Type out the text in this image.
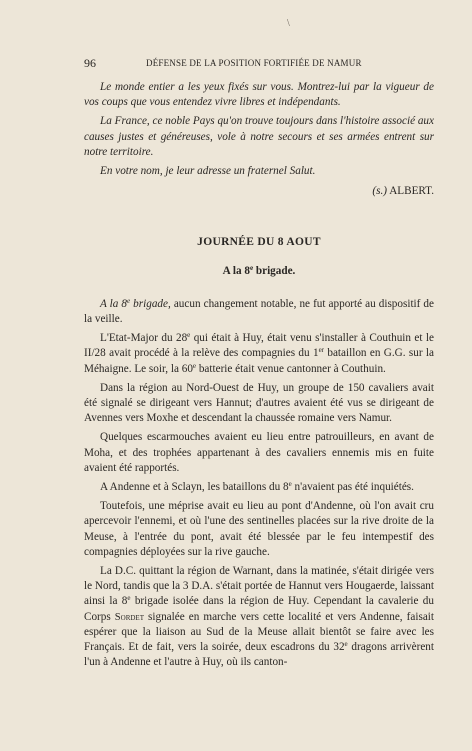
\
96	DÉFENSE DE LA POSITION FORTIFIÉE DE NAMUR

Le monde entier a les yeux fixés sur vous. Montrez-lui par la vigueur de vos coups que vous entendez vivre libres et indépendants.

La France, ce noble Pays qu'on trouve toujours dans l'histoire associé aux causes justes et généreuses, vole à notre secours et ses armées entrent sur notre territoire.

En votre nom, je leur adresse un fraternel Salut.

(s.) ALBERT.
JOURNÉE DU 8 AOUT
A la 8e brigade.

A la 8e brigade, aucun changement notable, ne fut apporté au dispositif de la veille.

L'Etat-Major du 28e qui était à Huy, était venu s'installer à Couthuin et le II/28 avait procédé à la relève des compagnies du 1er bataillon en G.G. sur la Méhaigne. Le soir, la 60e batterie était venue cantonner à Couthuin.

Dans la région au Nord-Ouest de Huy, un groupe de 150 cavaliers avait été signalé se dirigeant vers Hannut; d'autres avaient été vus se dirigeant de Avennes vers Moxhe et descendant la chaussée romaine vers Namur.

Quelques escarmouches avaient eu lieu entre patrouilleurs, en avant de Moha, et des trophées appartenant à des cavaliers ennemis mis en fuite avaient été rapportés.

A Andenne et à Sclayn, les bataillons du 8e n'avaient pas été inquiétés.

Toutefois, une méprise avait eu lieu au pont d'Andenne, où l'on avait cru apercevoir l'ennemi, et où l'une des sentinelles placées sur la rive droite de la Meuse, à l'entrée du pont, avait été blessée par le feu intempestif des compagnies déployées sur la rive gauche.

La D.C. quittant la région de Warnant, dans la matinée, s'était dirigée vers le Nord, tandis que la 3 D.A. s'était portée de Hannut vers Hougaerde, laissant ainsi la 8e brigade isolée dans la région de Huy. Cependant la cavalerie du Corps Sordet signalée en marche vers cette localité et vers Andenne, faisait espérer que la liaison au Sud de la Meuse allait bientôt se faire avec les Français. Et de fait, vers la soirée, deux escadrons du 32e dragons arrivèrent l'un à Andenne et l'autre à Huy, où ils canton-
